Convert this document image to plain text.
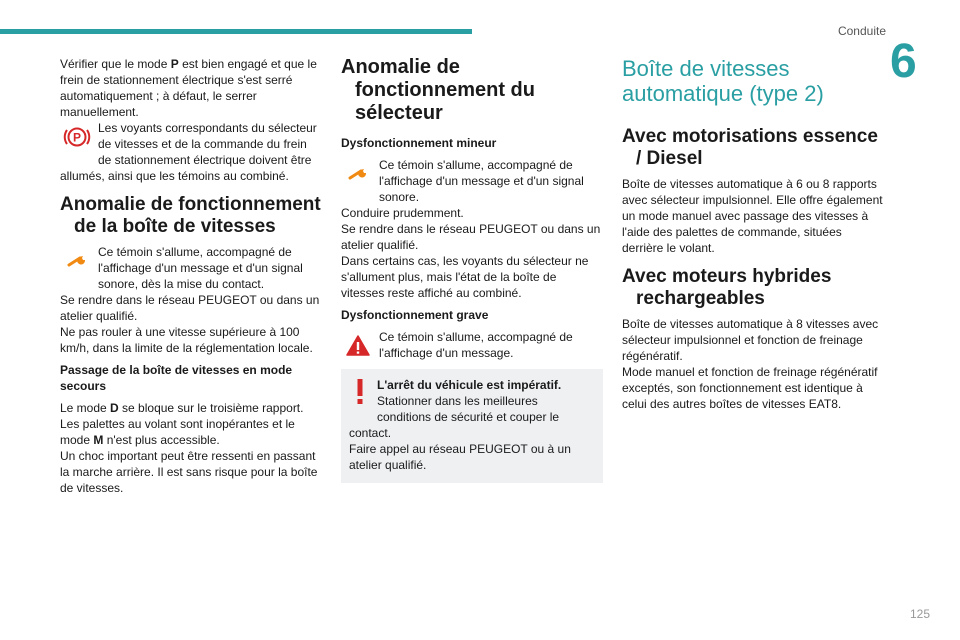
Conduite
6

Vérifier que le mode P est bien engagé et que le frein de stationnement électrique s'est serré automatiquement ; à défaut, le serrer manuellement.

P

Les voyants correspondants du sélecteur de vitesses et de la commande du frein de stationnement électrique doivent être allumés, ainsi que les témoins au combiné.

Anomalie de fonctionnement de la boîte de vitesses

Ce témoin s'allume, accompagné de l'affichage d'un message et d'un signal sonore, dès la mise du contact.

Se rendre dans le réseau PEUGEOT ou dans un atelier qualifié.

Ne pas rouler à une vitesse supérieure à 100 km/h, dans la limite de la réglementation locale.

Passage de la boîte de vitesses en mode secours

Le mode D se bloque sur le troisième rapport.

Les palettes au volant sont inopérantes et le mode M n'est plus accessible.

Un choc important peut être ressenti en passant la marche arrière. Il est sans risque pour la boîte de vitesses.

Anomalie de fonctionnement du sélecteur
Dysfonctionnement mineur

Ce témoin s'allume, accompagné de l'affichage d'un message et d'un signal sonore.

Conduire prudemment.

Se rendre dans le réseau PEUGEOT ou dans un atelier qualifié.

Dans certains cas, les voyants du sélecteur ne s'allument plus, mais l'état de la boîte de vitesses reste affiché au combiné.

Dysfonctionnement grave

Ce témoin s'allume, accompagné de l'affichage d'un message.

L'arrêt du véhicule est impératif.

Stationner dans les meilleures conditions de sécurité et couper le contact.

Faire appel au réseau PEUGEOT ou à un atelier qualifié.

Boîte de vitesses automatique (type 2)
Avec motorisations essence / Diesel

Boîte de vitesses automatique à 6 ou 8 rapports avec sélecteur impulsionnel. Elle offre également un mode manuel avec passage des vitesses à l'aide des palettes de commande, situées derrière le volant.

Avec moteurs hybrides rechargeables

Boîte de vitesses automatique à 8 vitesses avec sélecteur impulsionnel et fonction de freinage régénératif.

Mode manuel et fonction de freinage régénératif exceptés, son fonctionnement est identique à celui des autres boîtes de vitesses EAT8.

125
